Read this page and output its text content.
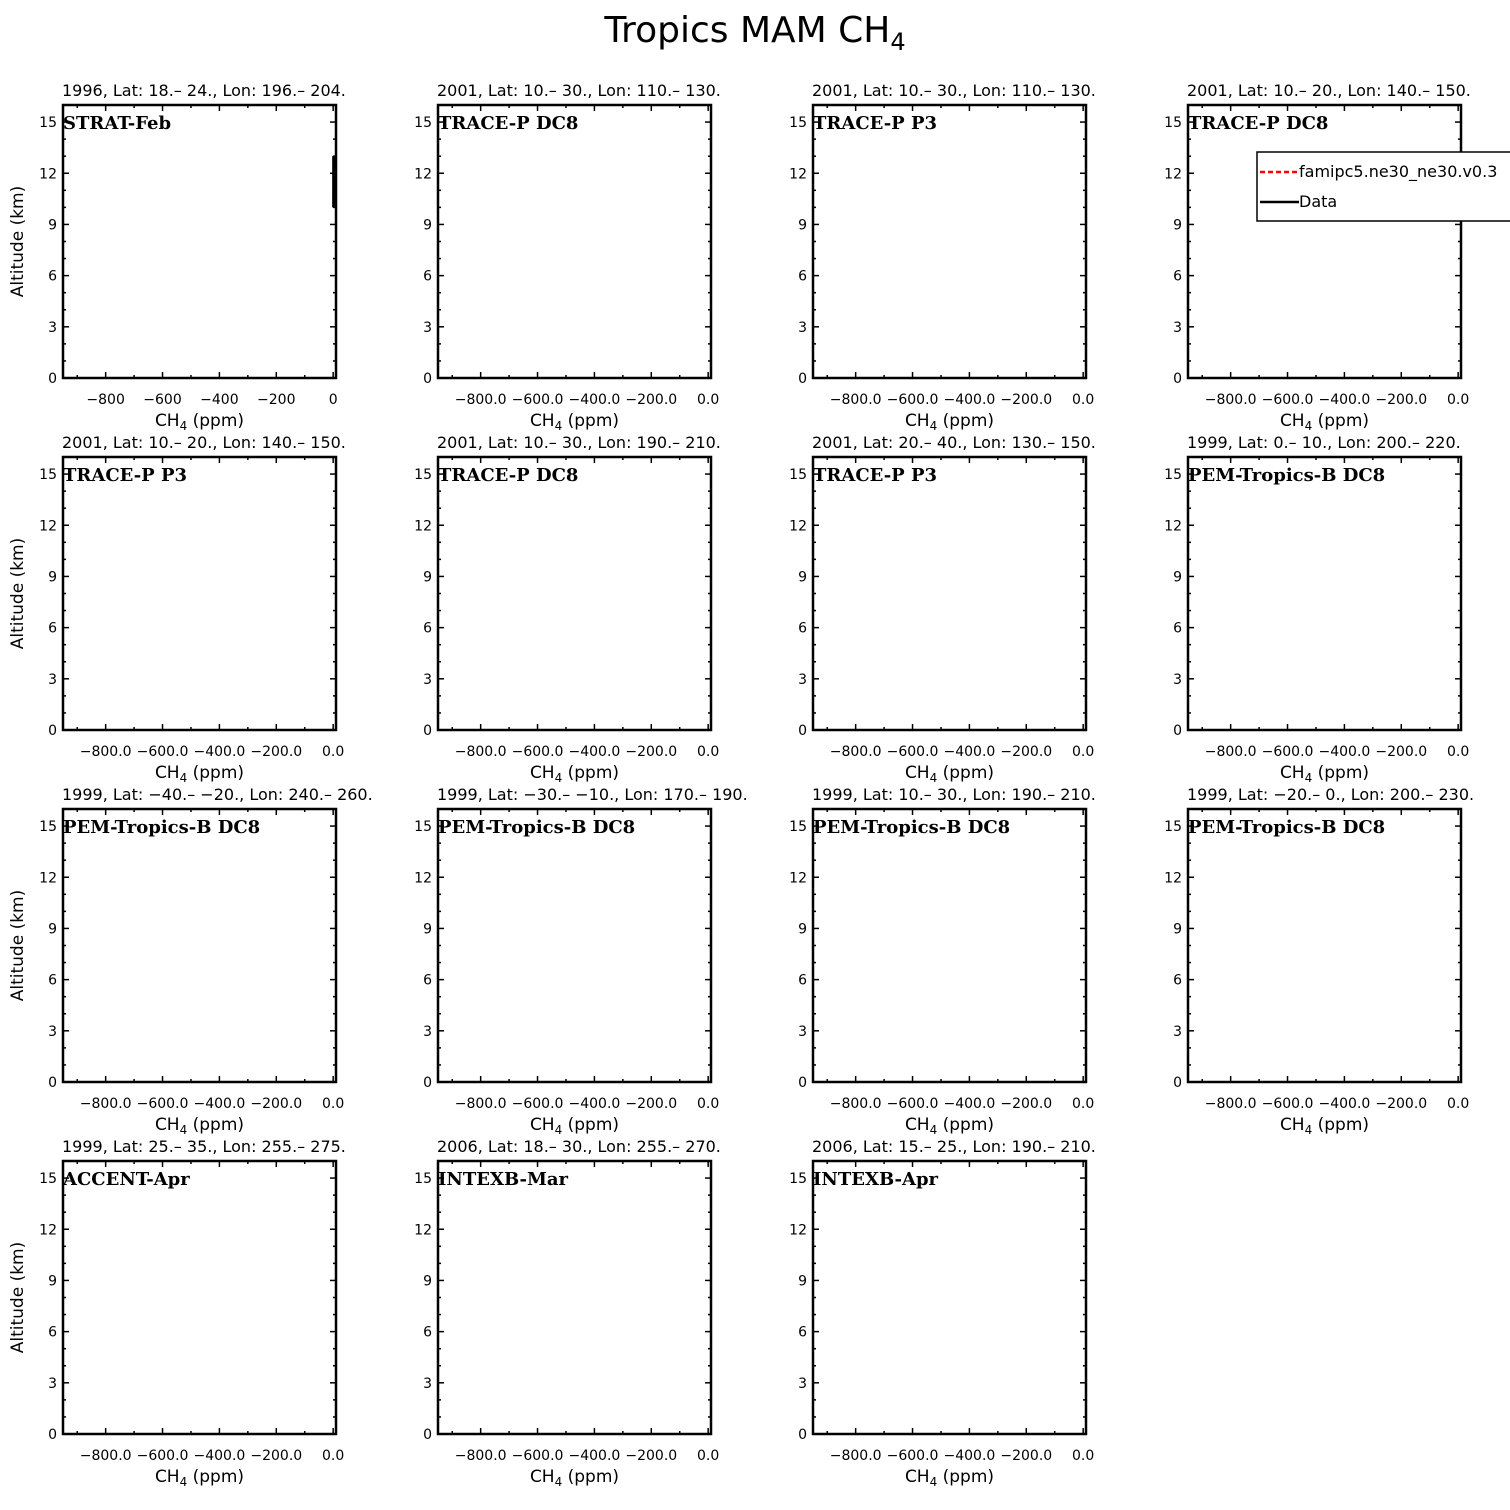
Tropics MAM $CH_4$
0
3
6
9
12
15
−800 −600 −400 −200 0
$CH_4$ (ppm)
Altitude (km)
1996, Lat: 18.– 24., Lon: 196.– 204.
STRAT-Feb
0
3
6
9
12
15
−800.0 −600.0 −400.0 −200.0 0.0
$CH_4$ (ppm)
2001, Lat: 10.– 30., Lon: 110.– 130.
TRACE-P DC8
0
3
6
9
12
15
−800.0 −600.0 −400.0 −200.0 0.0
$CH_4$ (ppm)
2001, Lat: 10.– 30., Lon: 110.– 130.
TRACE-P P3
0
3
6
9
12
15
−800.0 −600.0 −400.0 −200.0 0.0
$CH_4$ (ppm)
2001, Lat: 10.– 20., Lon: 140.– 150.
TRACE-P DC8
famipc5.ne30_ne30.v0.3
Data
0
3
6
9
12
15
−800.0 −600.0 −400.0 −200.0 0.0
$CH_4$ (ppm)
Altitude (km)
2001, Lat: 10.– 20., Lon: 140.– 150.
TRACE-P P3
0
3
6
9
12
15
−800.0 −600.0 −400.0 −200.0 0.0
$CH_4$ (ppm)
2001, Lat: 10.– 30., Lon: 190.– 210.
TRACE-P DC8
0
3
6
9
12
15
−800.0 −600.0 −400.0 −200.0 0.0
$CH_4$ (ppm)
2001, Lat: 20.– 40., Lon: 130.– 150.
TRACE-P P3
0
3
6
9
12
15
−800.0 −600.0 −400.0 −200.0 0.0
$CH_4$ (ppm)
1999, Lat: 0.– 10., Lon: 200.– 220.
PEM-Tropics-B DC8
0
3
6
9
12
15
−800.0 −600.0 −400.0 −200.0 0.0
$CH_4$ (ppm)
Altitude (km)
1999, Lat: −40.– −20., Lon: 240.– 260.
PEM-Tropics-B DC8
0
3
6
9
12
15
−800.0 −600.0 −400.0 −200.0 0.0
$CH_4$ (ppm)
1999, Lat: −30.– −10., Lon: 170.– 190.
PEM-Tropics-B DC8
0
3
6
9
12
15
−800.0 −600.0 −400.0 −200.0 0.0
$CH_4$ (ppm)
1999, Lat: 10.– 30., Lon: 190.– 210.
PEM-Tropics-B DC8
0
3
6
9
12
15
−800.0 −600.0 −400.0 −200.0 0.0
$CH_4$ (ppm)
1999, Lat: −20.– 0., Lon: 200.– 230.
PEM-Tropics-B DC8
0
3
6
9
12
15
−800.0 −600.0 −400.0 −200.0 0.0
$CH_4$ (ppm)
Altitude (km)
1999, Lat: 25.– 35., Lon: 255.– 275.
ACCENT-Apr
0
3
6
9
12
15
−800.0 −600.0 −400.0 −200.0 0.0
$CH_4$ (ppm)
2006, Lat: 18.– 30., Lon: 255.– 270.
INTEXB-Mar
0
3
6
9
12
15
−800.0 −600.0 −400.0 −200.0 0.0
$CH_4$ (ppm)
2006, Lat: 15.– 25., Lon: 190.– 210.
INTEXB-Apr
